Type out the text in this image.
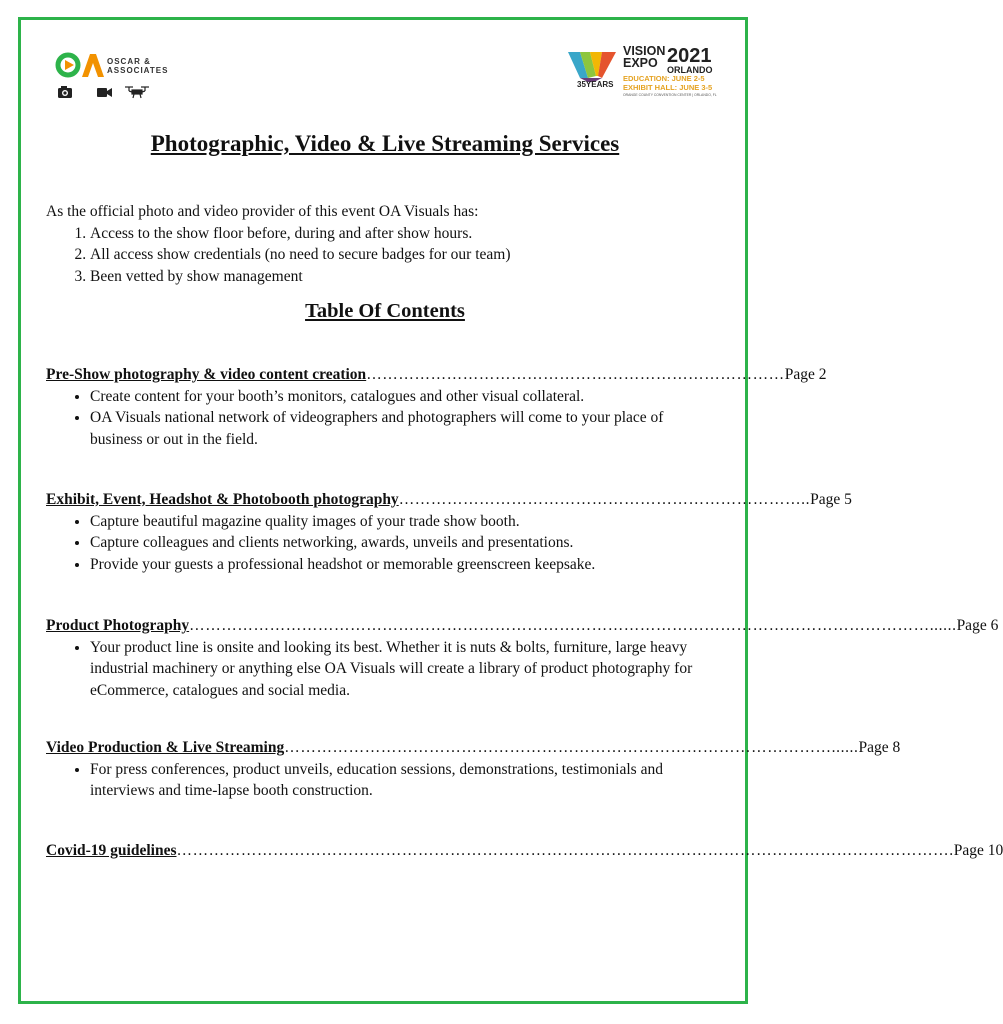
OSCAR &
ASSOCIATES
35YEARS
VISION
EXPO 2021
ORLANDO
EDUCATION: JUNE 2-5
EXHIBIT HALL: JUNE 3-5
ORANGE COUNTY CONVENTION CENTER | ORLANDO, FL
Photographic, Video & Live Streaming Services
As the official photo and video provider of this event OA Visuals has:
1. Access to the show floor before, during and after show hours.
2. All access show credentials (no need to secure badges for our team)
3. Been vetted by show management
Table Of Contents
Pre-Show photography & video content creation …………………………………………………………………… Page 2
• Create content for your booth’s monitors, catalogues and other visual collateral.
• OA Visuals national network of videographers and photographers will come to your place of business or out in the field.
Exhibit, Event, Headshot & Photobooth photography ………………………………………………………………….. Page 5
• Capture beautiful magazine quality images of your trade show booth.
• Capture colleagues and clients networking, awards, unveils and presentations.
• Provide your guests a professional headshot or memorable greenscreen keepsake.
Product Photography …………………………………………………………………………………………………………………………...... Page 6
• Your product line is onsite and looking its best. Whether it is nuts & bolts, furniture, large heavy industrial machinery or anything else OA Visuals will create a library of product photography for eCommerce, catalogues and social media.
Video Production & Live Streaming …………………………………………………………………………………………...... Page 8
• For press conferences, product unveils, education sessions, demonstrations, testimonials and interviews and time-lapse booth construction.
Covid-19 guidelines ………………………………………………………………………………………………………………………………. Page 10
